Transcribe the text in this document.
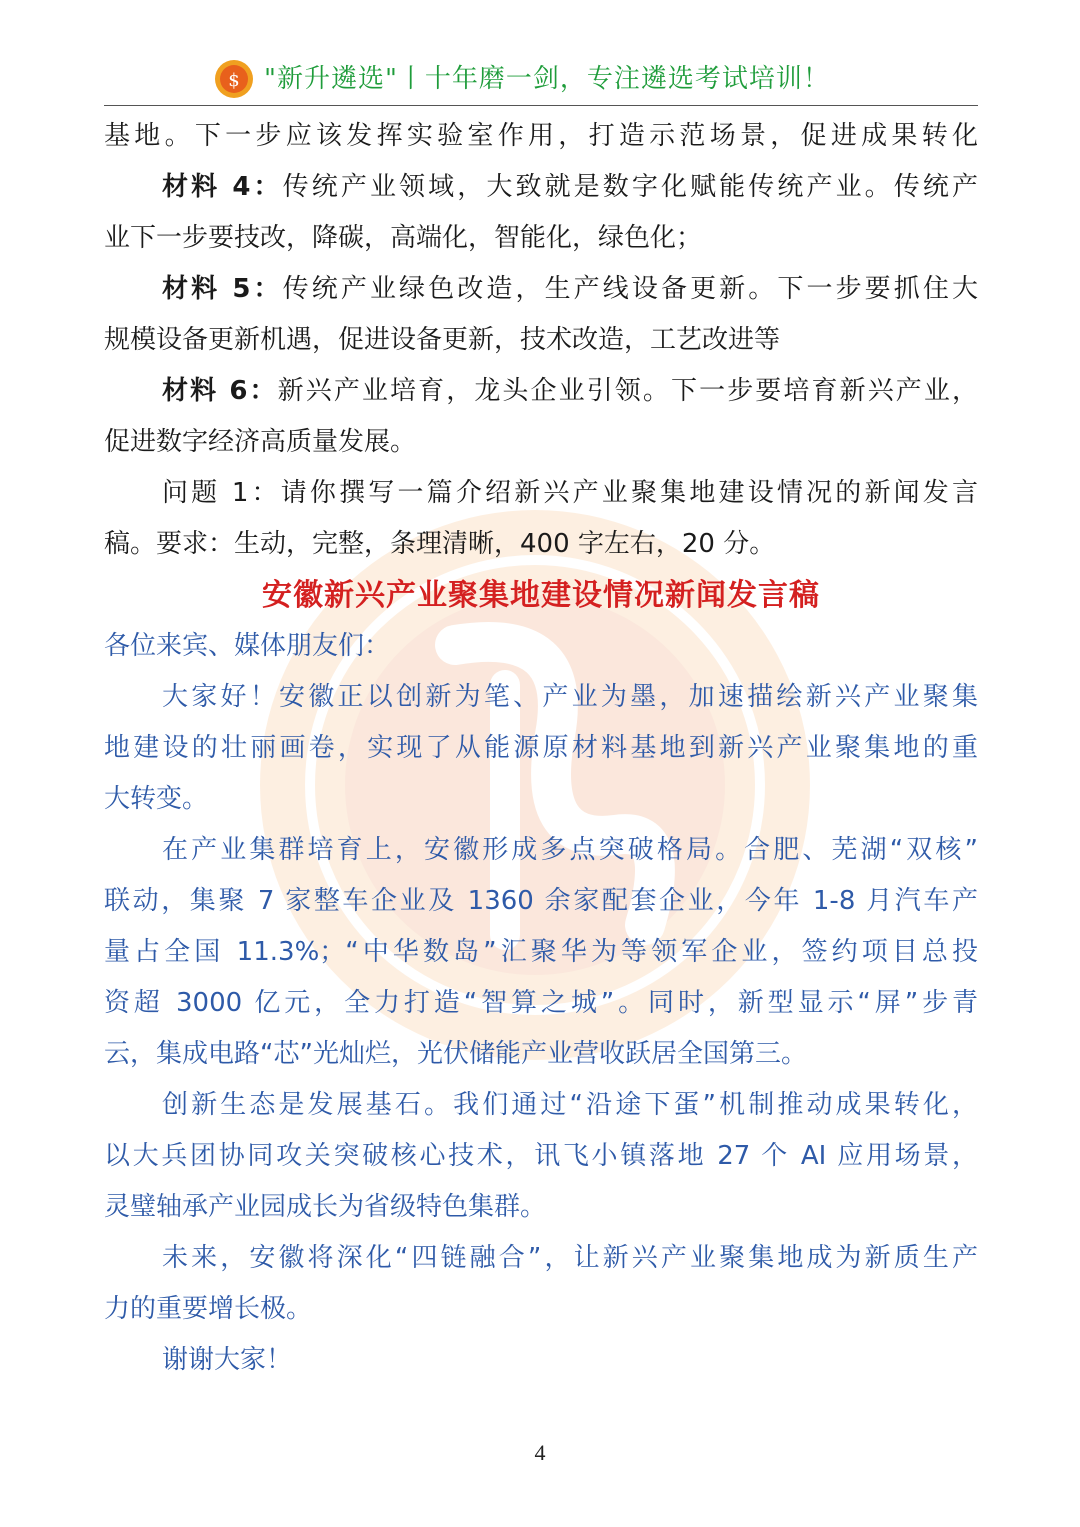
$ "新升遴选"丨十年磨一剑，专注遴选考试培训！
基地。下一步应该发挥实验室作用，打造示范场景，促进成果转化
材料 4：传统产业领域，大致就是数字化赋能传统产业。传统产
业下一步要技改，降碳，高端化，智能化，绿色化；
材料 5：传统产业绿色改造，生产线设备更新。下一步要抓住大
规模设备更新机遇，促进设备更新，技术改造，工艺改进等
材料 6：新兴产业培育，龙头企业引领。下一步要培育新兴产业，
促进数字经济高质量发展。
问题 1：请你撰写一篇介绍新兴产业聚集地建设情况的新闻发言
稿。要求：生动，完整，条理清晰，400 字左右，20 分。
安徽新兴产业聚集地建设情况新闻发言稿
各位来宾、媒体朋友们：
大家好！安徽正以创新为笔、产业为墨，加速描绘新兴产业聚集
地建设的壮丽画卷，实现了从能源原材料基地到新兴产业聚集地的重
大转变。
在产业集群培育上，安徽形成多点突破格局。合肥、芜湖“双核”
联动，集聚 7 家整车企业及 1360 余家配套企业，今年 1-8 月汽车产
量占全国 11.3%；“中华数岛”汇聚华为等领军企业，签约项目总投
资超 3000 亿元，全力打造“智算之城”。同时，新型显示“屏”步青
云，集成电路“芯”光灿烂，光伏储能产业营收跃居全国第三。
创新生态是发展基石。我们通过“沿途下蛋”机制推动成果转化，
以大兵团协同攻关突破核心技术，讯飞小镇落地 27 个 AI 应用场景，
灵璧轴承产业园成长为省级特色集群。
未来，安徽将深化“四链融合”，让新兴产业聚集地成为新质生产
力的重要增长极。
谢谢大家！
4
